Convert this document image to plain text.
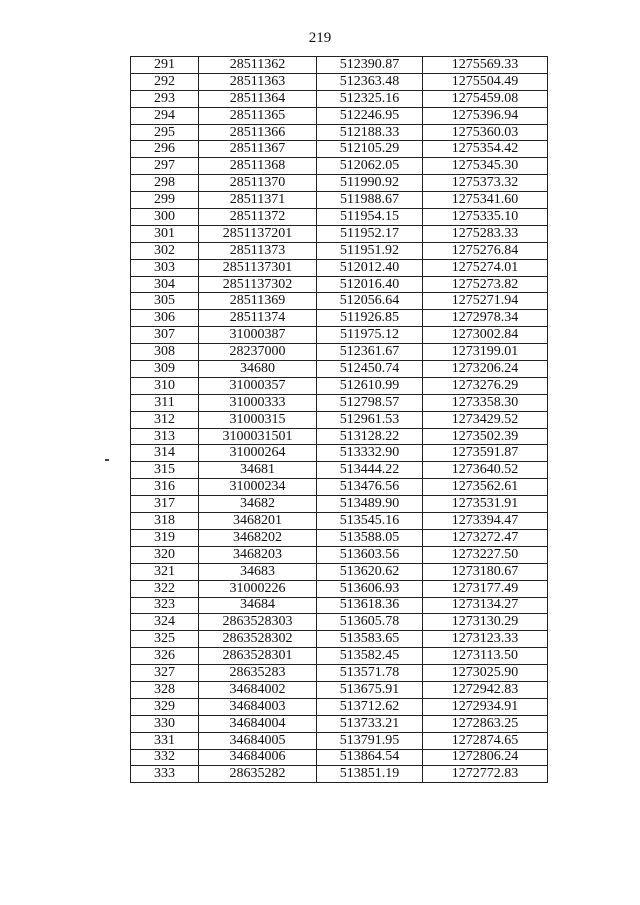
219
291	28511362	512390.87	1275569.33
292	28511363	512363.48	1275504.49
293	28511364	512325.16	1275459.08
294	28511365	512246.95	1275396.94
295	28511366	512188.33	1275360.03
296	28511367	512105.29	1275354.42
297	28511368	512062.05	1275345.30
298	28511370	511990.92	1275373.32
299	28511371	511988.67	1275341.60
300	28511372	511954.15	1275335.10
301	2851137201	511952.17	1275283.33
302	28511373	511951.92	1275276.84
303	2851137301	512012.40	1275274.01
304	2851137302	512016.40	1275273.82
305	28511369	512056.64	1275271.94
306	28511374	511926.85	1272978.34
307	31000387	511975.12	1273002.84
308	28237000	512361.67	1273199.01
309	34680	512450.74	1273206.24
310	31000357	512610.99	1273276.29
311	31000333	512798.57	1273358.30
312	31000315	512961.53	1273429.52
313	3100031501	513128.22	1273502.39
314	31000264	513332.90	1273591.87
315	34681	513444.22	1273640.52
316	31000234	513476.56	1273562.61
317	34682	513489.90	1273531.91
318	3468201	513545.16	1273394.47
319	3468202	513588.05	1273272.47
320	3468203	513603.56	1273227.50
321	34683	513620.62	1273180.67
322	31000226	513606.93	1273177.49
323	34684	513618.36	1273134.27
324	2863528303	513605.78	1273130.29
325	2863528302	513583.65	1273123.33
326	2863528301	513582.45	1273113.50
327	28635283	513571.78	1273025.90
328	34684002	513675.91	1272942.83
329	34684003	513712.62	1272934.91
330	34684004	513733.21	1272863.25
331	34684005	513791.95	1272874.65
332	34684006	513864.54	1272806.24
333	28635282	513851.19	1272772.83
